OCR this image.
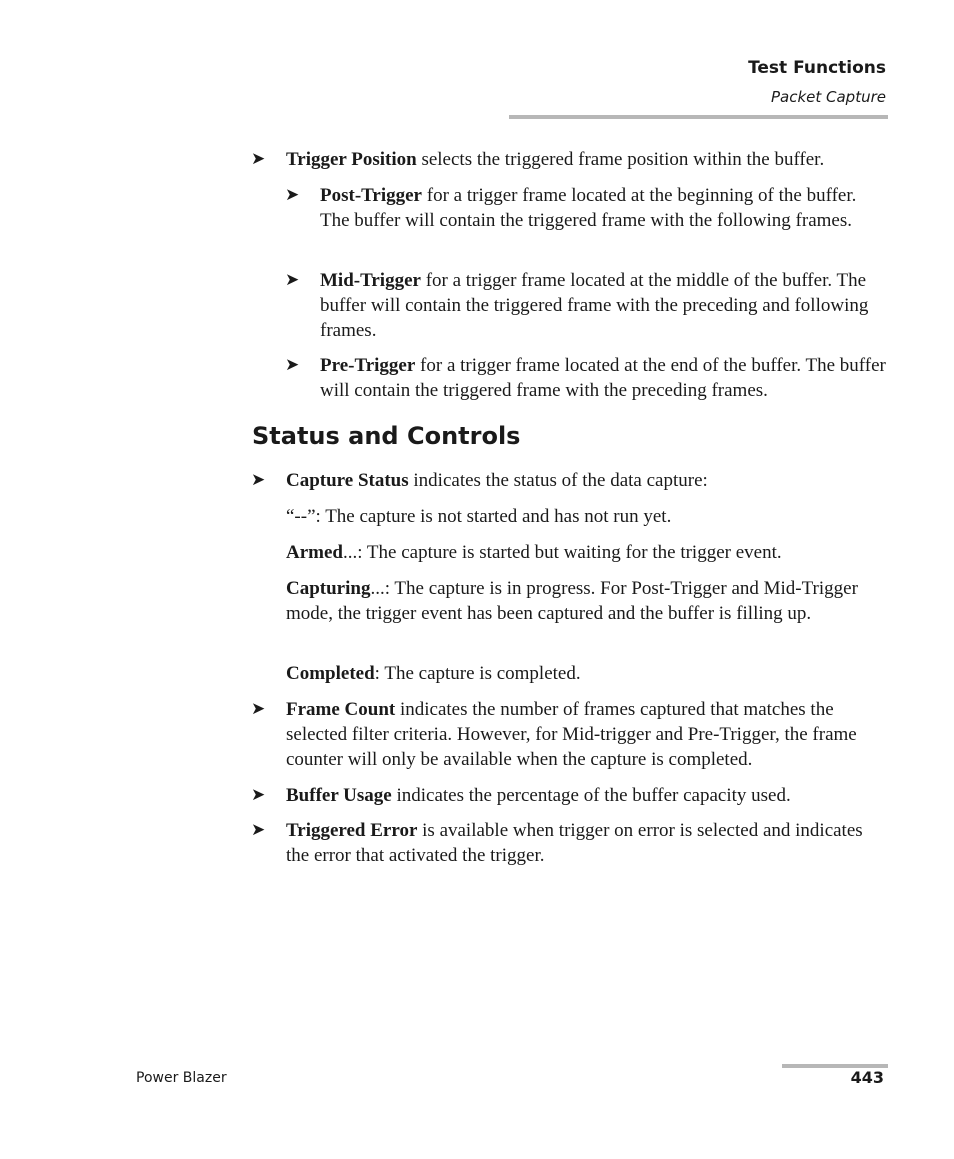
Test Functions
Packet Capture
➤ Trigger Position selects the triggered frame position within the buffer.
➤ Post-Trigger for a trigger frame located at the beginning of the buffer. The buffer will contain the triggered frame with the following frames.
➤ Mid-Trigger for a trigger frame located at the middle of the buffer. The buffer will contain the triggered frame with the preceding and following frames.
➤ Pre-Trigger for a trigger frame located at the end of the buffer. The buffer will contain the triggered frame with the preceding frames.
Status and Controls
➤ Capture Status indicates the status of the data capture:
“--”: The capture is not started and has not run yet.
Armed...: The capture is started but waiting for the trigger event.
Capturing...: The capture is in progress. For Post-Trigger and Mid-Trigger mode, the trigger event has been captured and the buffer is filling up.
Completed: The capture is completed.
➤ Frame Count indicates the number of frames captured that matches the selected filter criteria. However, for Mid-trigger and Pre-Trigger, the frame counter will only be available when the capture is completed.
➤ Buffer Usage indicates the percentage of the buffer capacity used.
➤ Triggered Error is available when trigger on error is selected and indicates the error that activated the trigger.
Power Blazer	443
